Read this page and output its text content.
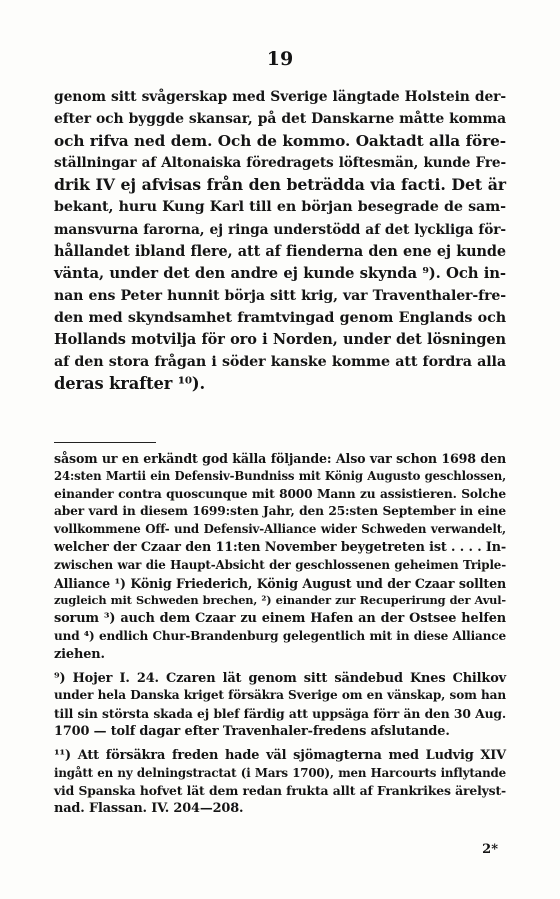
19
genom sitt svågerskap med Sverige längtade Holstein der-
efter och byggde skansar, på det Danskarne måtte komma
och rifva ned dem. Och de kommo. Oaktadt alla före-
ställningar af Altonaiska föredragets löftesmän, kunde Fre-
drik IV ej afvisas från den beträdda via facti. Det är
bekant, huru Kung Karl till en början besegrade de sam-
mansvurna farorna, ej ringa understödd af det lyckliga för-
hållandet ibland flere, att af fienderna den ene ej kunde
vänta, under det den andre ej kunde skynda ⁹). Och in-
nan ens Peter hunnit börja sitt krig, var Traventhaler-fre-
den med skyndsamhet framtvingad genom Englands och
Hollands motvilja för oro i Norden, under det lösningen
af den stora frågan i söder kanske komme att fordra alla
deras krafter ¹⁰).
såsom ur en erkändt god källa följande: Also var schon 1698 den
24:sten Martii ein Defensiv-Bundniss mit König Augusto geschlossen,
einander contra quoscunque mit 8000 Mann zu assistieren. Solche
aber vard in diesem 1699:sten Jahr, den 25:sten September in eine
vollkommene Off- und Defensiv-Alliance wider Schweden verwandelt,
welcher der Czaar den 11:ten November beygetreten ist . . . . In-
zwischen war die Haupt-Absicht der geschlossenen geheimen Triple-
Alliance ¹) König Friederich, König August und der Czaar sollten
zugleich mit Schweden brechen, ²) einander zur Recuperirung der Avul-
sorum ³) auch dem Czaar zu einem Hafen an der Ostsee helfen
und ⁴) endlich Chur-Brandenburg gelegentlich mit in diese Alliance
ziehen.
⁹) Hojer I. 24. Czaren lät genom sitt sändebud Knes Chilkov
under hela Danska kriget försäkra Sverige om en vänskap, som han
till sin största skada ej blef färdig att uppsäga förr än den 30 Aug.
1700 — tolf dagar efter Travenhaler-fredens afslutande.
¹¹) Att försäkra freden hade väl sjömagterna med Ludvig XIV
ingått en ny delningstractat (i Mars 1700), men Harcourts inflytande
vid Spanska hofvet lät dem redan frukta allt af Frankrikes ärelyst-
nad. Flassan. IV. 204—208.
2*
